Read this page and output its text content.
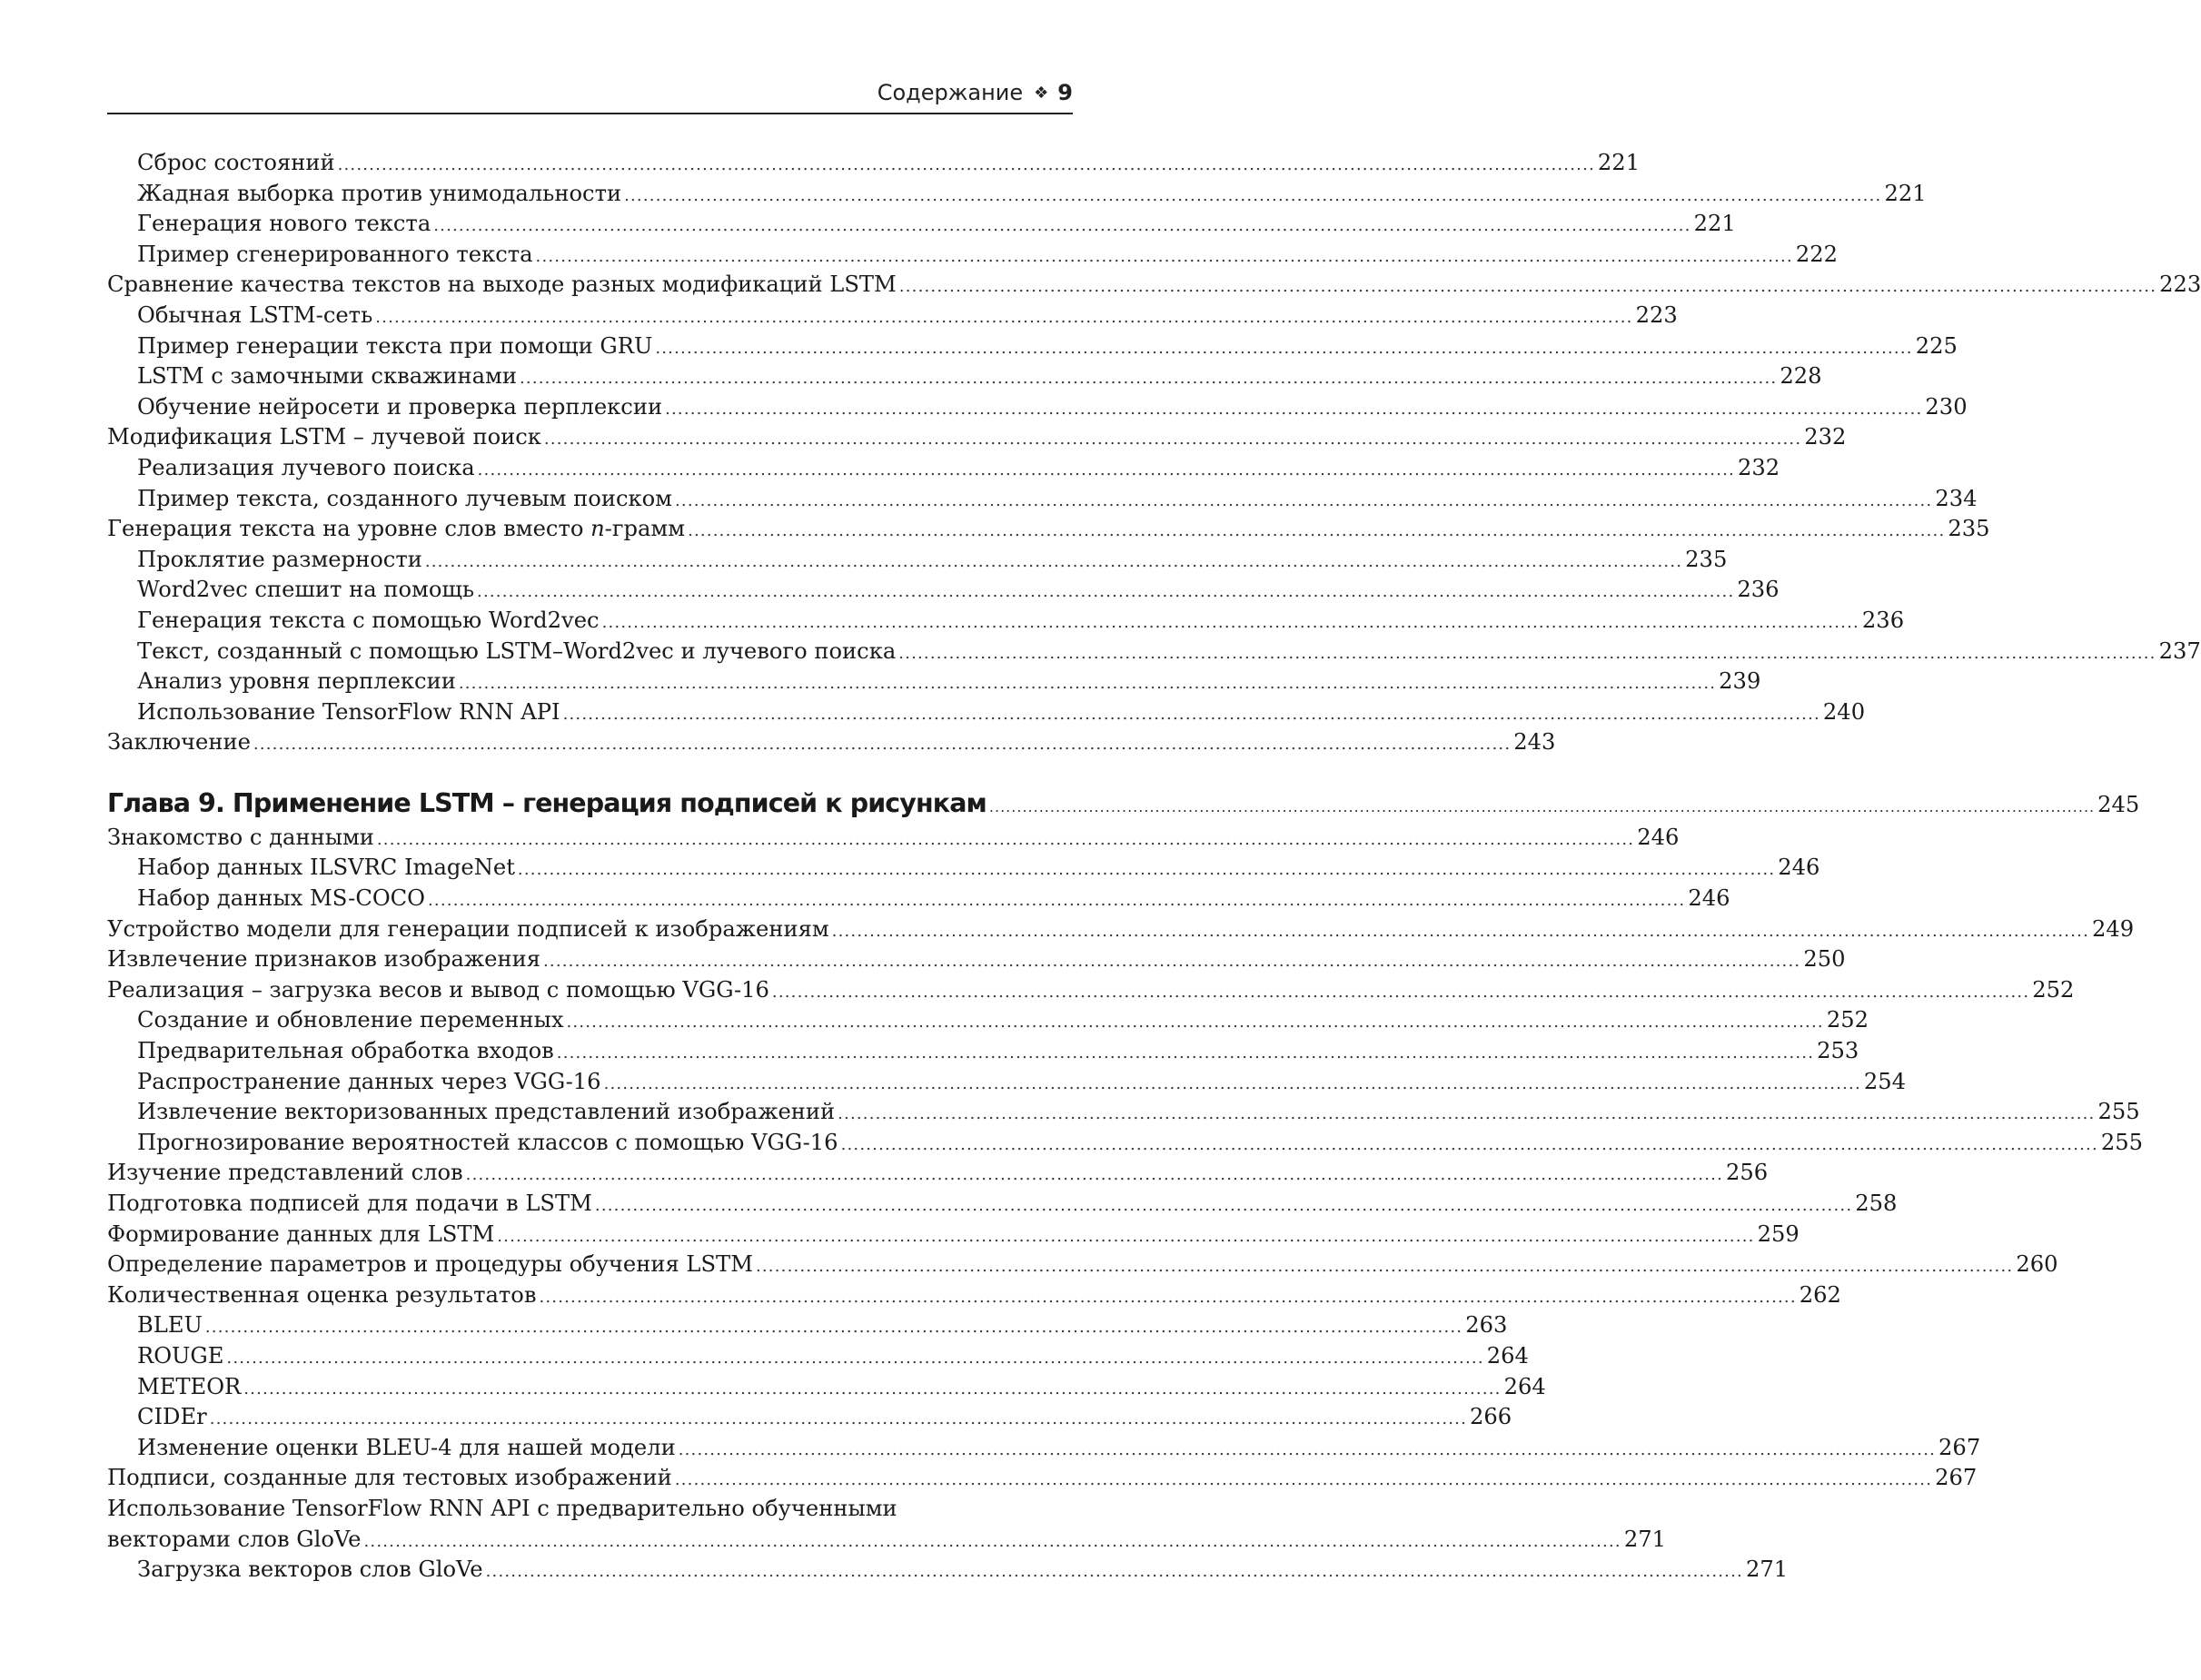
Содержание ❖ 9
Сброс состояний ........................................................................................................................................................................................................ 221
Жадная выборка против унимодальности ........................................................................................................................................................................................................ 221
Генерация нового текста ........................................................................................................................................................................................................ 221
Пример сгенерированного текста ........................................................................................................................................................................................................ 222
Сравнение качества текстов на выходе разных модификаций LSTM ........................................................................................................................................................................................................ 223
Обычная LSTM-сеть ........................................................................................................................................................................................................ 223
Пример генерации текста при помощи GRU ........................................................................................................................................................................................................ 225
LSTM с замочными скважинами ........................................................................................................................................................................................................ 228
Обучение нейросети и проверка перплексии ........................................................................................................................................................................................................ 230
Модификация LSTM – лучевой поиск ........................................................................................................................................................................................................ 232
Реализация лучевого поиска ........................................................................................................................................................................................................ 232
Пример текста, созданного лучевым поиском ........................................................................................................................................................................................................ 234
Генерация текста на уровне слов вместо n-грамм ........................................................................................................................................................................................................ 235
Проклятие размерности ........................................................................................................................................................................................................ 235
Word2vec спешит на помощь ........................................................................................................................................................................................................ 236
Генерация текста с помощью Word2vec ........................................................................................................................................................................................................ 236
Текст, созданный с помощью LSTM–Word2vec и лучевого поиска ........................................................................................................................................................................................................ 237
Анализ уровня перплексии ........................................................................................................................................................................................................ 239
Использование TensorFlow RNN API ........................................................................................................................................................................................................ 240
Заключение ........................................................................................................................................................................................................ 243
Глава 9. Применение LSTM – генерация подписей к рисункам ........................................................................................................................................................................................................ 245
Знакомство с данными ........................................................................................................................................................................................................ 246
Набор данных ILSVRC ImageNet ........................................................................................................................................................................................................ 246
Набор данных MS-COCO ........................................................................................................................................................................................................ 246
Устройство модели для генерации подписей к изображениям ........................................................................................................................................................................................................ 249
Извлечение признаков изображения ........................................................................................................................................................................................................ 250
Реализация – загрузка весов и вывод с помощью VGG-16 ........................................................................................................................................................................................................ 252
Создание и обновление переменных ........................................................................................................................................................................................................ 252
Предварительная обработка входов ........................................................................................................................................................................................................ 253
Распространение данных через VGG-16 ........................................................................................................................................................................................................ 254
Извлечение векторизованных представлений изображений ........................................................................................................................................................................................................ 255
Прогнозирование вероятностей классов с помощью VGG-16 ........................................................................................................................................................................................................ 255
Изучение представлений слов ........................................................................................................................................................................................................ 256
Подготовка подписей для подачи в LSTM ........................................................................................................................................................................................................ 258
Формирование данных для LSTM ........................................................................................................................................................................................................ 259
Определение параметров и процедуры обучения LSTM ........................................................................................................................................................................................................ 260
Количественная оценка результатов ........................................................................................................................................................................................................ 262
BLEU ........................................................................................................................................................................................................ 263
ROUGE ........................................................................................................................................................................................................ 264
METEOR ........................................................................................................................................................................................................ 264
CIDEr ........................................................................................................................................................................................................ 266
Изменение оценки BLEU-4 для нашей модели ........................................................................................................................................................................................................ 267
Подписи, созданные для тестовых изображений ........................................................................................................................................................................................................ 267
Использование TensorFlow RNN API с предварительно обученными
векторами слов GloVe ........................................................................................................................................................................................................ 271
Загрузка векторов слов GloVe ........................................................................................................................................................................................................ 271
